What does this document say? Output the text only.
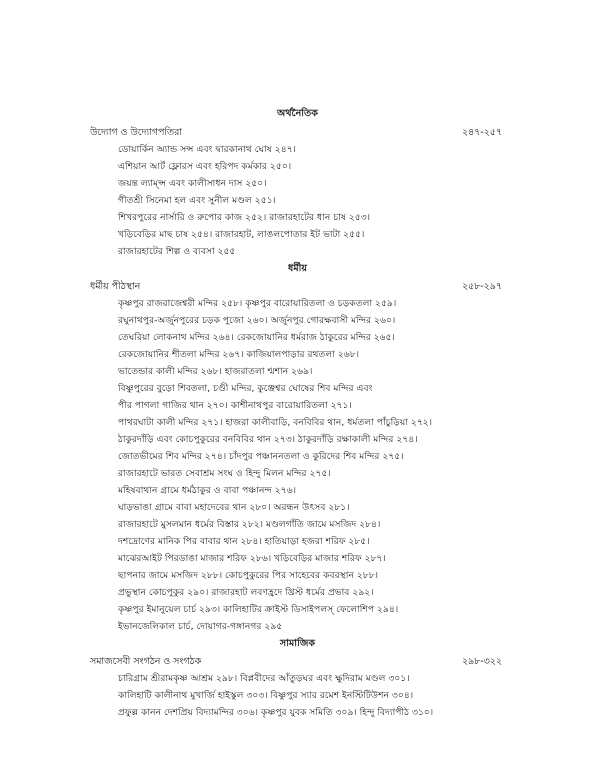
অর্থনৈতিক
উদ্যোগ ও উদ্যোগপতিরা	২৪৭-২৫৭
ডোয়ার্কিন অ্যান্ড সন্স এবং দ্বারকানাথ ঘোষ ২৪৭।
এশিয়ান আর্ট ফ্লোরস এবং হরিপদ কর্মকার ২৫০।
জয়ন্ত ল্যাম্প্স এবং কালীসাধন দাস ২৫০।
গীতশ্রী সিনেমা হল এবং সুনীল মণ্ডল ২৫১।
শিখরপুরের নার্সারি ও রুপোর কাজ ২৫২। রাজারহাটের ধান চাষ ২৫৩।
খড়িবেড়ির মাছ চাষ ২৫৪। রাজারহাট, লাঙলপোতার ইট ভাটা ২৫৫।
রাজারহাটের শিল্প ও ব্যবসা ২৫৫
ধর্মীয়
ধর্মীয় পীঠস্থান	২৫৮-২৯৭
কৃষ্ণপুর রাজরাজেশ্বরী মন্দির ২৫৮। কৃষ্ণপুর বারোয়ারিতলা ও চড়কতলা ২৫৯।
রঘুনাথপুর-অর্জুনপুরের চড়ক পুজো ২৬০। অর্জুনপুর গোরক্ষবাসী মন্দির ২৬০।
তেঘরিয়া লোকনাথ মন্দির ২৬৪। রেকজোয়ানির ধর্মরাজ ঠাকুরের মন্দির ২৬৫।
রেকজোয়ানির শীতলা মন্দির ২৬৭। কাজিয়ালপাড়ার রথতলা ২৬৮।
ভাতেন্ডার কালী মন্দির ২৬৮। হাজরাতলা শ্মশান ২৬৯।
বিষ্ণুপুরের বুড়ো শিবতলা, চণ্ডী মন্দির, কুঞ্জেশ্বর ঘোষের শিব মন্দির এবং
পীর পাগলা গাজির থান ২৭০। কাশীনাথপুর বারোয়ারিতলা ২৭১।
পাথরঘাটা কালী মন্দির ২৭১। হাজরা কালীবাড়ি, বনবিবির থান, ধর্মতলা পাঁচুড়িয়া ২৭২।
ঠাকুরদাঁড়ি এবং কোচপুকুরের বনবিবির থান ২৭৩। ঠাকুরদাঁড়ি রক্ষাকালী মন্দির ২৭৪।
জোতভীমের শিব মন্দির ২৭৪। চাঁদপুর পঞ্চাননতলা ও কুরিদের শিব মন্দির ২৭৫।
রাজারহাটে ভারত সেবাশ্রম সংঘ ও হিন্দু মিলন মন্দির ২৭৫।
মহিষবাথান গ্রামে ধর্মঠাকুর ও বাবা পঞ্চানন্দ ২৭৬।
ঘাড়ভাঙা গ্রামে বাবা মহাদেবের থান ২৮০। অরন্ধন উৎসব ২৮১।
রাজারহাটে মুসলমান ধর্মের বিস্তার ২৮২। মণ্ডলগাঁতি জামে মসজিদ ২৮৪।
দশদ্রোণের মানিক পির বাবার থান ২৮৪। হাতিয়াড়া হজরা শরিফ ২৮৫।
মাঝেরআইট পিরডাঙা মাজার শরিফ ২৮৬। খড়িবেড়ির মাজার শরিফ ২৮৭।
ছাপনার জামে মসজিদ ২৮৮। কোচপুকুরের পির সাহেবের কবরস্থান ২৮৮।
প্রভুস্থান কোচপুকুর ২৯০। রাজারহাট লবণহ্রদে খ্রিস্ট ধর্মের প্রভাব ২৯২।
কৃষ্ণপুর ইমানুয়েল চার্চ ২৯৩। কালিহাটির ক্রাইস্ট ডিসাইপলস্ ফেলোশিপ ২৯৪।
ইভানজেলিকাল চার্চ, দোয়াগর-গঙ্গানগর ২৯৫
সামাজিক
সমাজসেবী সংগঠন ও সংগঠক	২৯৮-৩২২
চারিগ্রাম শ্রীরামকৃষ্ণ আশ্রম ২৯৮। বিপ্লবীদের আঁতুড়ঘর এবং ক্ষুদিরাম মণ্ডল ৩০১।
কালিহাটি কালীনাথ মুখার্জি হাইস্কুল ৩০৩। বিষ্ণুপুর স্যার রমেশ ইনস্টিটিউশন ৩০৪।
প্রফুল্ল কানন দেশপ্রিয় বিদ্যামন্দির ৩০৬। কৃষ্ণপুর যুবক সমিতি ৩০৯। হিন্দু বিদ্যাপীঠ ৩১০।
